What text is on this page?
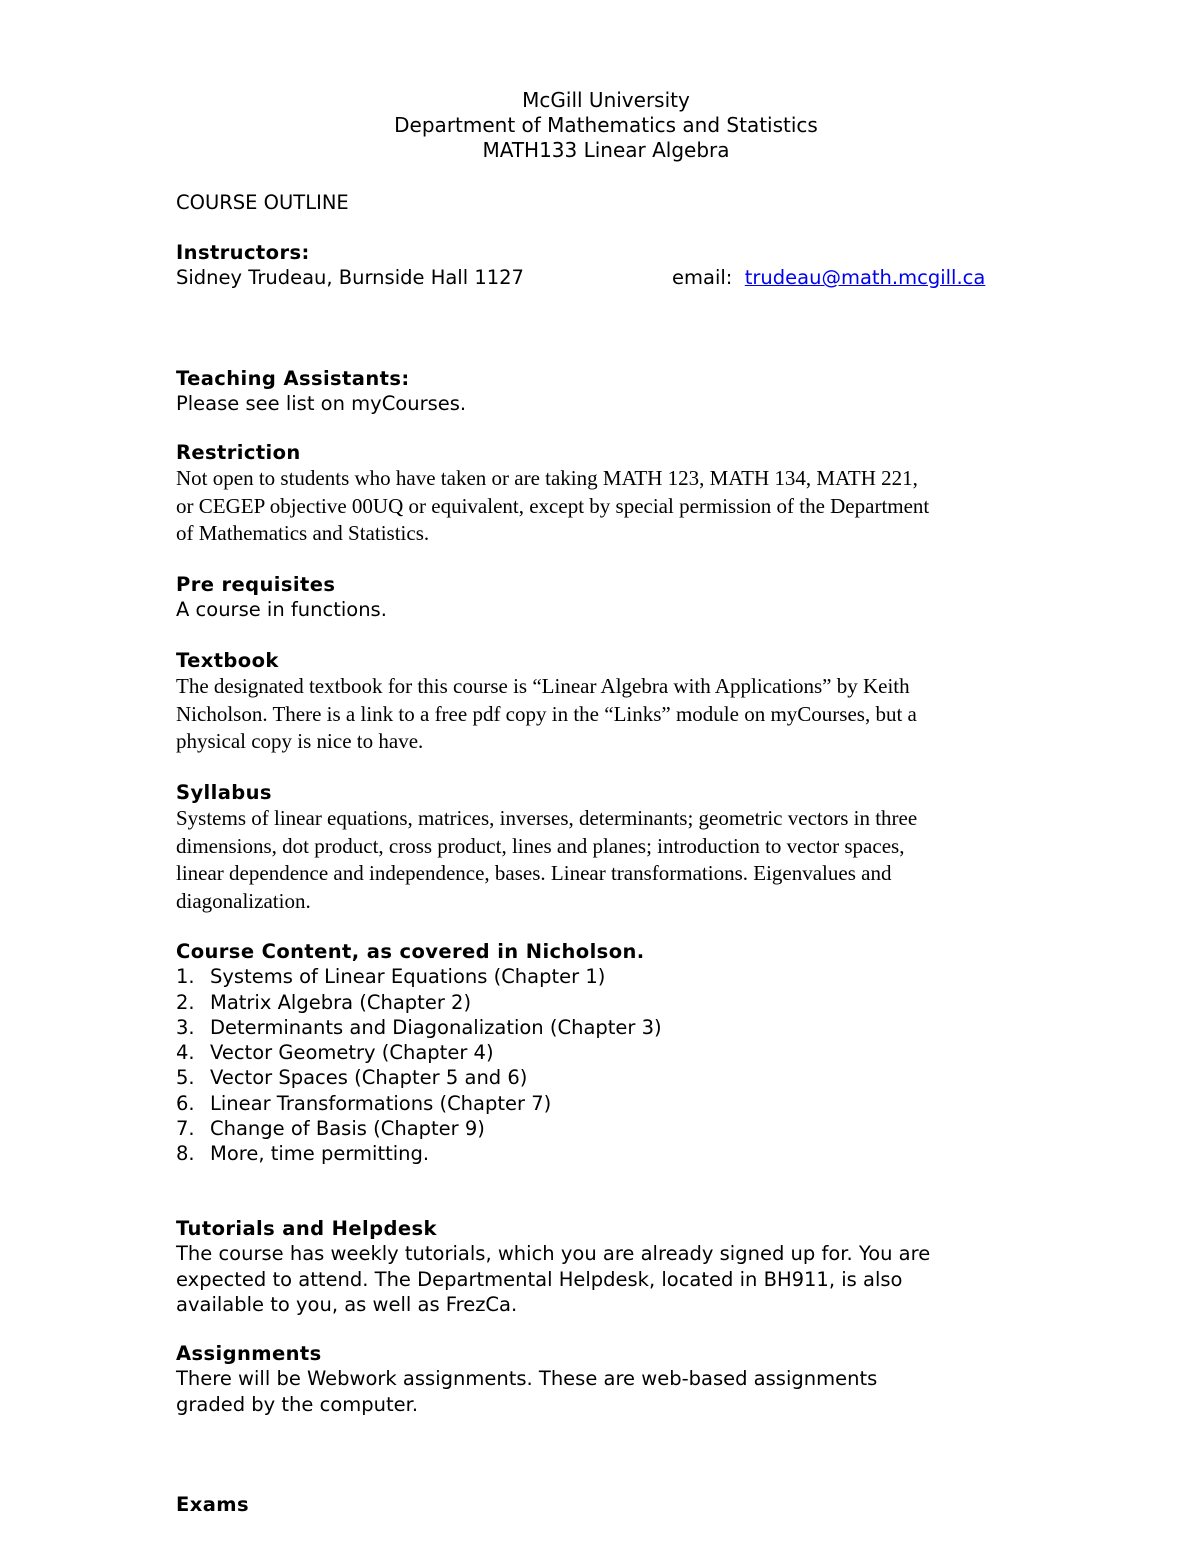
McGill University
Department of Mathematics and Statistics
MATH133 Linear Algebra
COURSE OUTLINE
Instructors:
Sidney Trudeau, Burnside Hall 1127	email: trudeau@math.mcgill.ca
Teaching Assistants:
Please see list on myCourses.
Restriction
Not open to students who have taken or are taking MATH 123, MATH 134, MATH 221,
or CEGEP objective 00UQ or equivalent, except by special permission of the Department
of Mathematics and Statistics.
Pre requisites
A course in functions.
Textbook
The designated textbook for this course is “Linear Algebra with Applications” by Keith
Nicholson. There is a link to a free pdf copy in the “Links” module on myCourses, but a
physical copy is nice to have.
Syllabus
Systems of linear equations, matrices, inverses, determinants; geometric vectors in three
dimensions, dot product, cross product, lines and planes; introduction to vector spaces,
linear dependence and independence, bases. Linear transformations. Eigenvalues and
diagonalization.
Course Content, as covered in Nicholson.
1. Systems of Linear Equations (Chapter 1)
2. Matrix Algebra (Chapter 2)
3. Determinants and Diagonalization (Chapter 3)
4. Vector Geometry (Chapter 4)
5. Vector Spaces (Chapter 5 and 6)
6. Linear Transformations (Chapter 7)
7. Change of Basis (Chapter 9)
8. More, time permitting.
Tutorials and Helpdesk
The course has weekly tutorials, which you are already signed up for. You are
expected to attend. The Departmental Helpdesk, located in BH911, is also
available to you, as well as FrezCa.
Assignments
There will be Webwork assignments. These are web-based assignments
graded by the computer.
Exams
